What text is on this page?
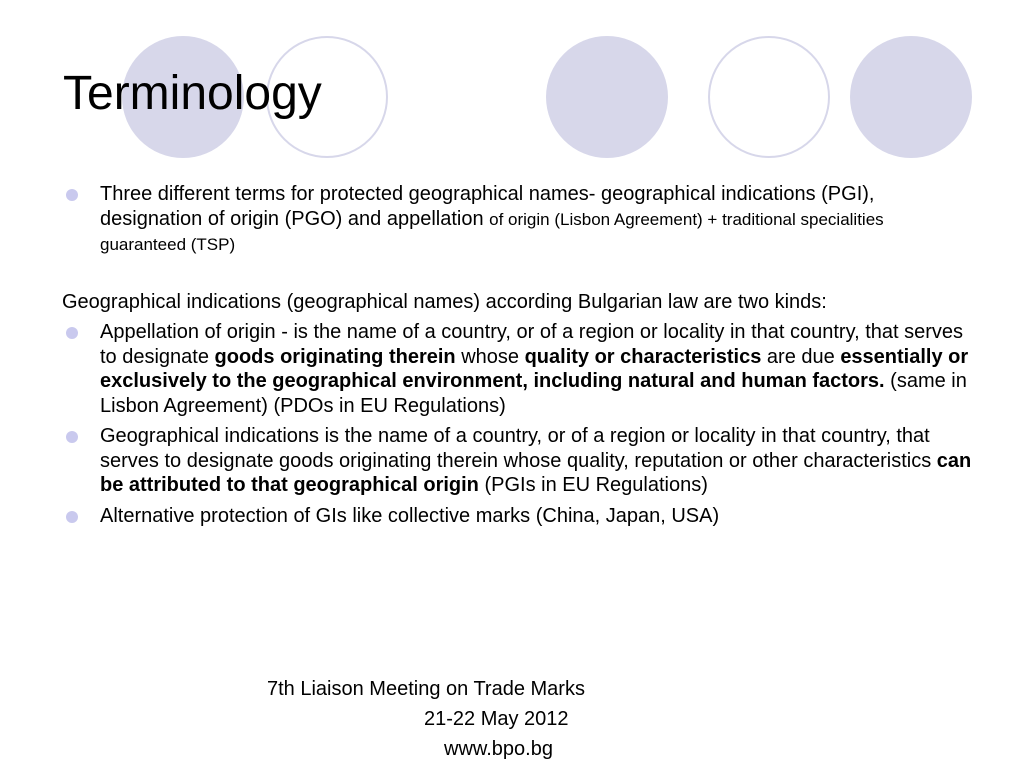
Terminology
Three different terms for protected geographical names- geographical indications (PGI), designation of origin (PGO) and appellation of origin (Lisbon Agreement) + traditional specialities guaranteed (TSP)
Geographical indications (geographical names) according Bulgarian law are two kinds:
Appellation of origin - is the name of a country, or of a region or locality in that country, that serves to designate goods originating therein whose quality or characteristics are due essentially or exclusively to the geographical environment, including natural and human factors. (same in Lisbon Agreement) (PDOs in EU Regulations)
Geographical indications is the name of a country, or of a region or locality in that country, that serves to designate goods originating therein whose quality, reputation or other characteristics can be attributed to that geographical origin (PGIs in EU Regulations)
Alternative protection of GIs like collective marks (China, Japan, USA)
7th Liaison Meeting on Trade Marks
21-22 May 2012
www.bpo.bg
